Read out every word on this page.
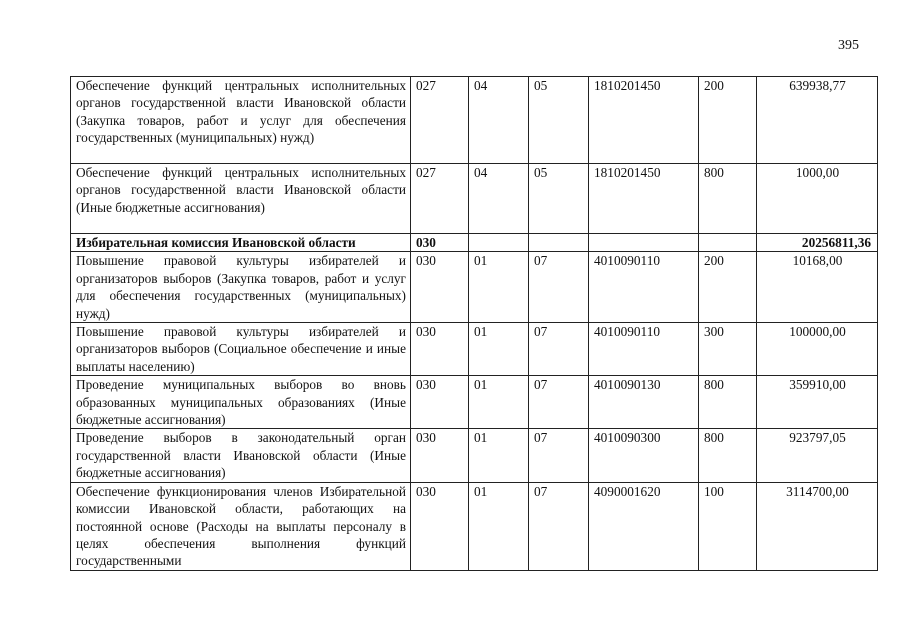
395
Обеспечение функций центральных исполнительных органов государственной власти Ивановской области (Закупка товаров, работ и услуг для обеспечения государственных (муниципальных) нужд)	027	04	05	1810201450	200	639938,77
Обеспечение функций центральных исполнительных органов государственной власти Ивановской области (Иные бюджетные ассигнования)	027	04	05	1810201450	800	1000,00
Избирательная комиссия Ивановской области	030					20256811,36
Повышение правовой культуры избирателей и организаторов выборов (Закупка товаров, работ и услуг для обеспечения государственных (муниципальных) нужд)	030	01	07	4010090110	200	10168,00
Повышение правовой культуры избирателей и организаторов выборов (Социальное обеспечение и иные выплаты населению)	030	01	07	4010090110	300	100000,00
Проведение муниципальных выборов во вновь образованных муниципальных образованиях (Иные бюджетные ассигнования)	030	01	07	4010090130	800	359910,00
Проведение выборов в законодательный орган государственной власти Ивановской области (Иные бюджетные ассигнования)	030	01	07	4010090300	800	923797,05
Обеспечение функционирования членов Избирательной комиссии Ивановской области, работающих на постоянной основе (Расходы на выплаты персоналу в целях обеспечения выполнения функций государственными	030	01	07	4090001620	100	3114700,00
